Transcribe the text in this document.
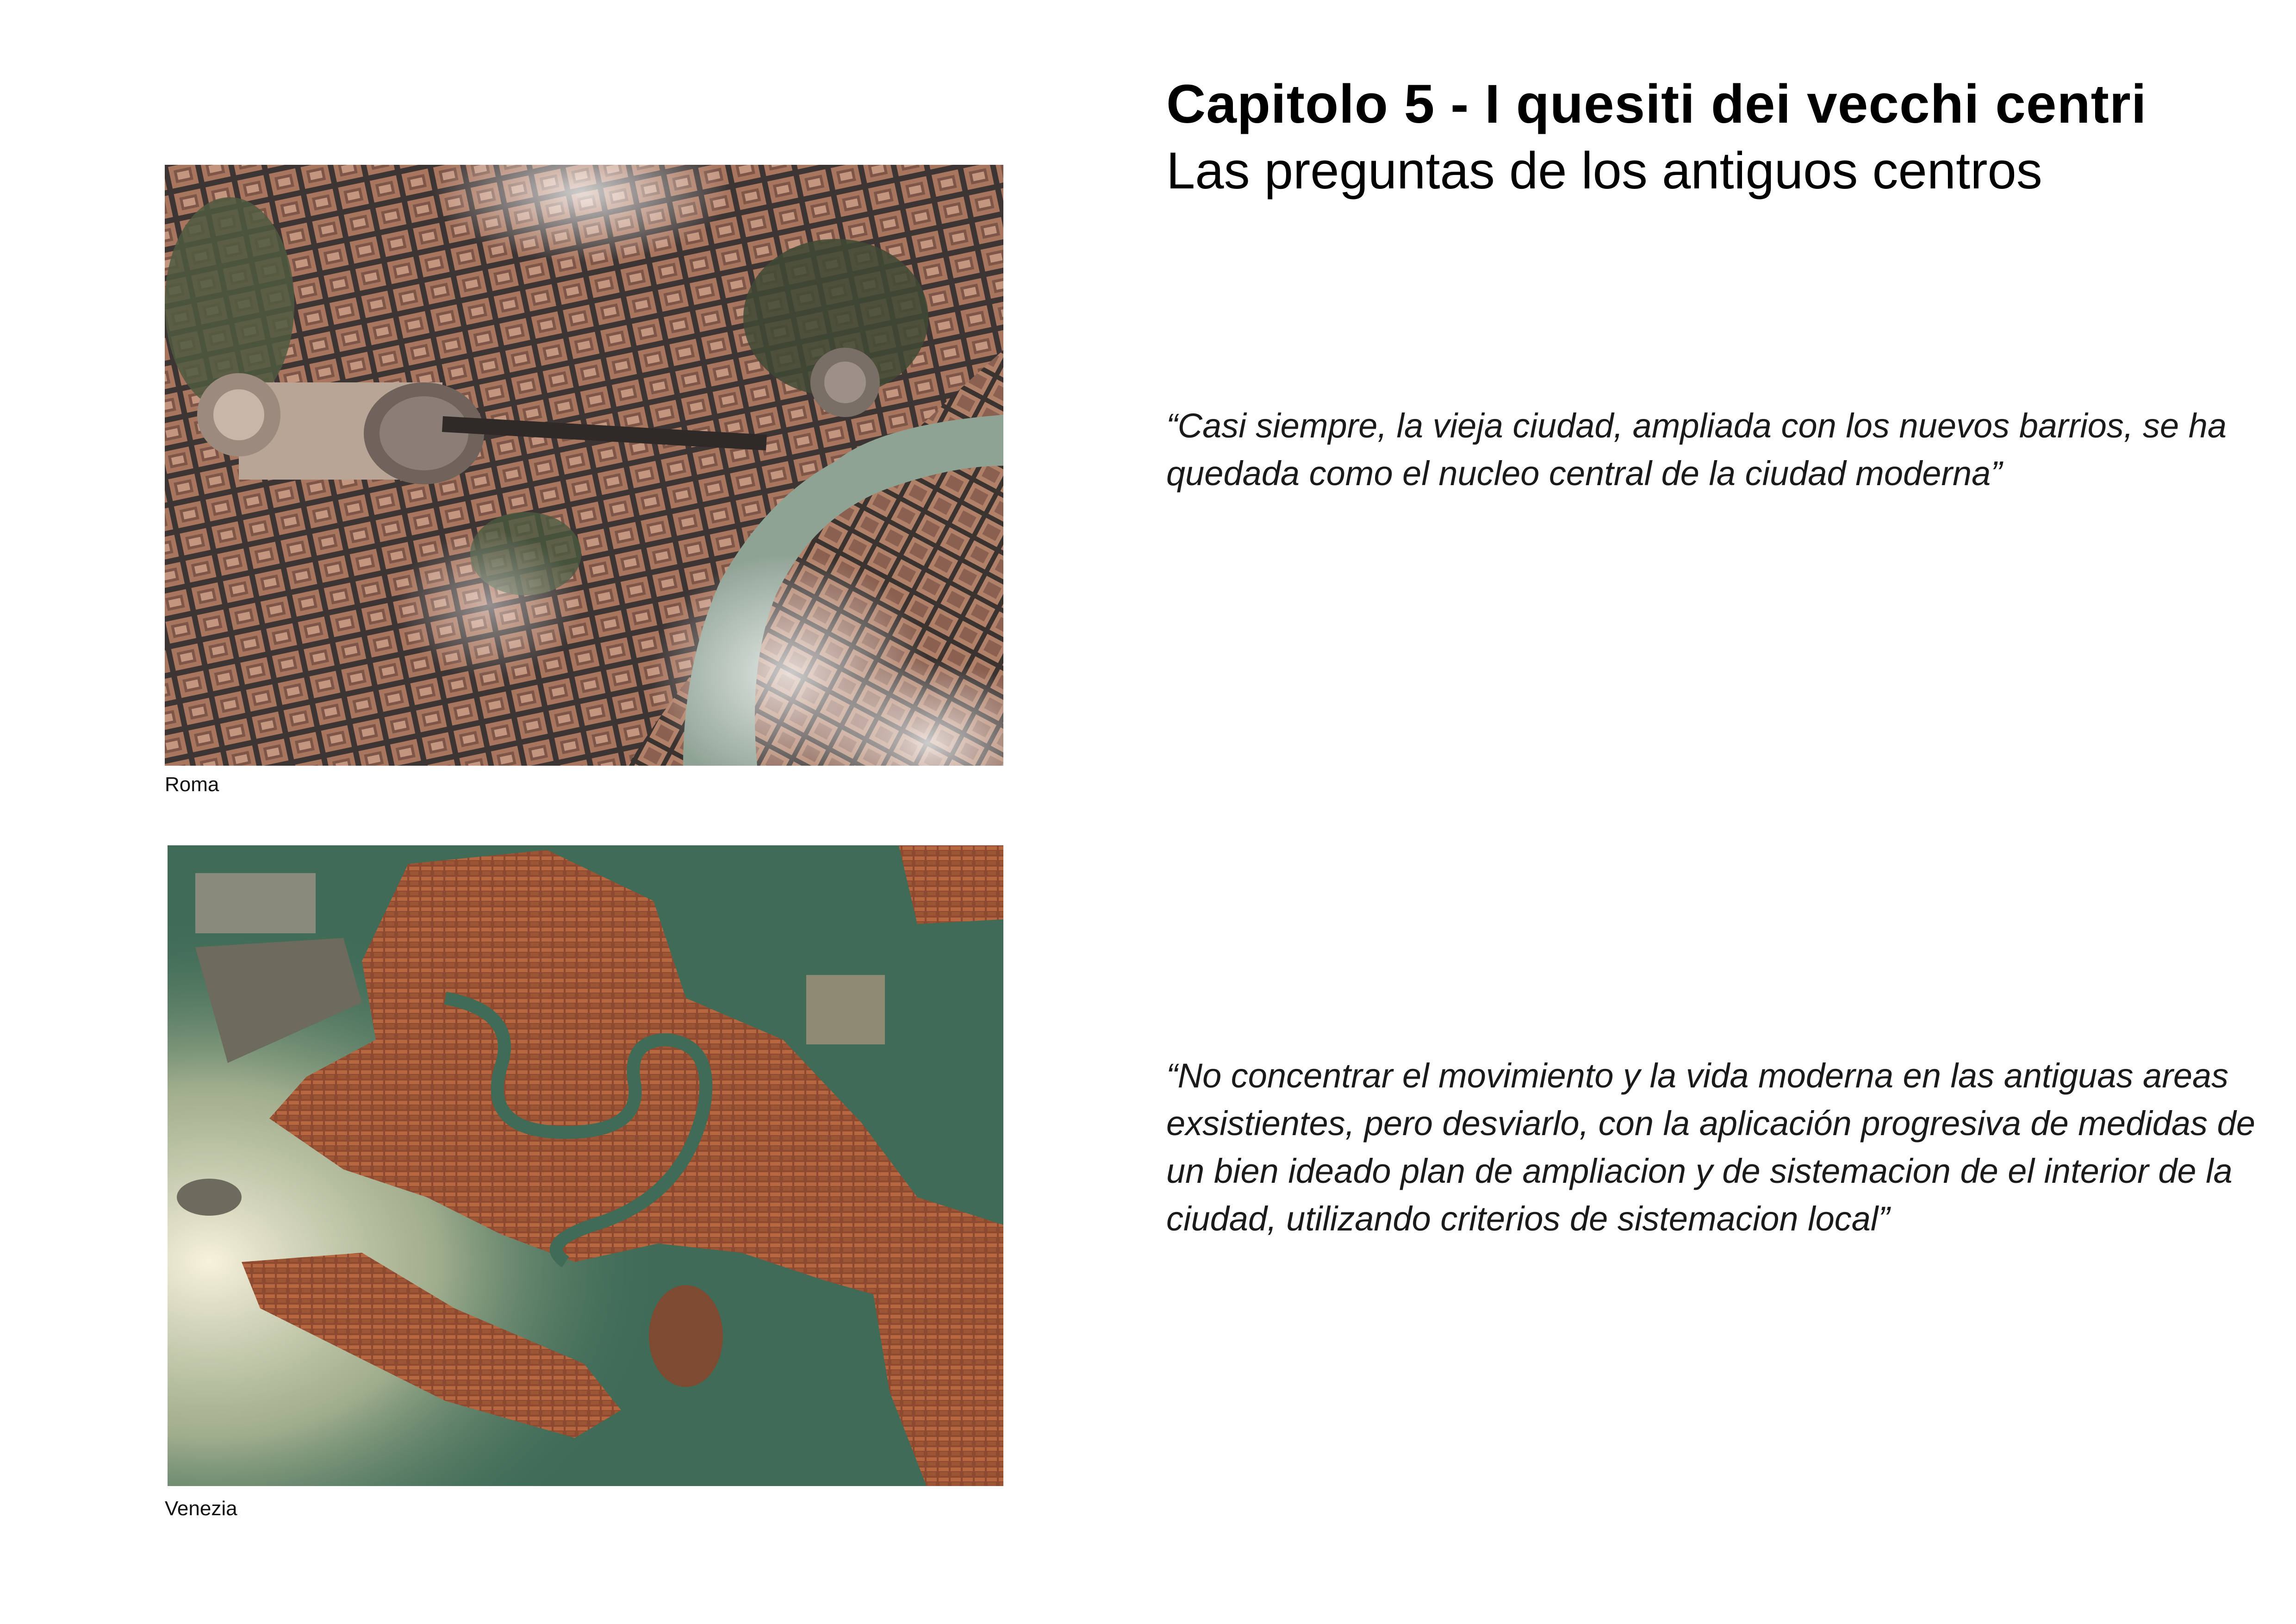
Roma
Venezia
Capitolo 5 - I quesiti dei vecchi centri
Las preguntas de los antiguos centros
“Casi siempre, la vieja ciudad, ampliada con los nuevos barrios, se ha quedada como el nucleo central de la ciudad moderna”
“No concentrar el movimiento y la vida moderna en las antiguas areas exsistientes, pero desviarlo, con la aplicación progresiva de medidas de un bien ideado plan de ampliacion y de sistemacion de el interior de la ciudad, utilizando criterios de sistemacion local”
